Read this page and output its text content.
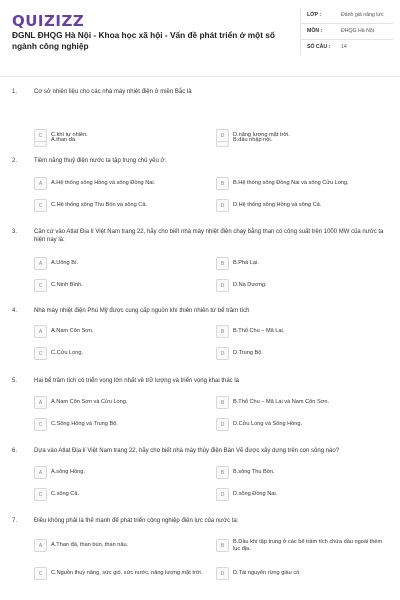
QUIZIZZ
ĐGNL ĐHQG Hà Nội - Khoa học xã hội - Vấn đề phát triển ở một số ngành công nghiệp
LỚP :	Đánh giá năng lực
MÔN :	ĐHQG Hà Nội
SỐ CÂU :	14
1.	Cơ sở nhiên liệu cho các nhà máy nhiệt điện ở miền Bắc là
A.than đá.	B.dầu nhập nội.
C	C.khí tự nhiên.	D	D.năng lượng mặt trời.
2.	Tiềm năng thuỷ điện nước ta tập trung chủ yếu ở:
A	A.Hệ thống sông Hồng và sông Đồng Nai.	B	B.Hệ thống sông Đồng Nai và sông Cửu Long.
C	C.Hệ thống sông Thu Bồn và sông Cả.	D	D.Hệ thống sông Hồng và sông Cả.
3.	Căn cứ vào Atlat Địa lí Việt Nam trang 22, hãy cho biết nhà máy nhiệt điện chạy bằng than có công suất trên 1000 MW của nước ta hiện nay là:
A	A.Uông Bí.	B	B.Phả Lại.
C	C.Ninh Bình.	D	D.Na Dương.
4.	Nhà máy nhiệt điện Phú Mỹ được cung cấp nguồn khí thiên nhiên từ bể trầm tích
A	A.Nam Côn Sơn.	B	B.Thổ Chu – Mã Lai.
C	C.Cửu Long.	D	D.Trung Bộ.
5.	Hai bể trầm tích có triển vọng lớn nhất về trữ lượng và triển vọng khai thác là
A	A.Nam Côn Sơn và Cửu Long.	B	B.Thổ Chu – Mã Lai và Nam Côn Sơn.
C	C.Sông Hồng và Trung Bộ.	D	D.Cửu Long và Sông Hồng.
6.	Dựa vào Atlat Địa lí Việt Nam trang 22, hãy cho biết nhà máy thủy điện Bản Vẽ được xây dựng trên con sông nào?
A	A.sông Hồng.	B	B.sông Thu Bồn.
C	C.sông Cả.	D	D.sông Đồng Nai.
7.	Điều không phải là thế mạnh để phát triển công nghiệp điện lực của nước ta:
A	A.Than đá, than bùn, than nâu.	B
B.Dầu khí tập trung ở các bể trầm tích chứa dầu ngoài thềm lục địa.
C	C.Nguồn thuỷ năng, sức gió, sức nước, năng lượng mặt trời.	D	D.Tài nguyên rừng giàu có.
